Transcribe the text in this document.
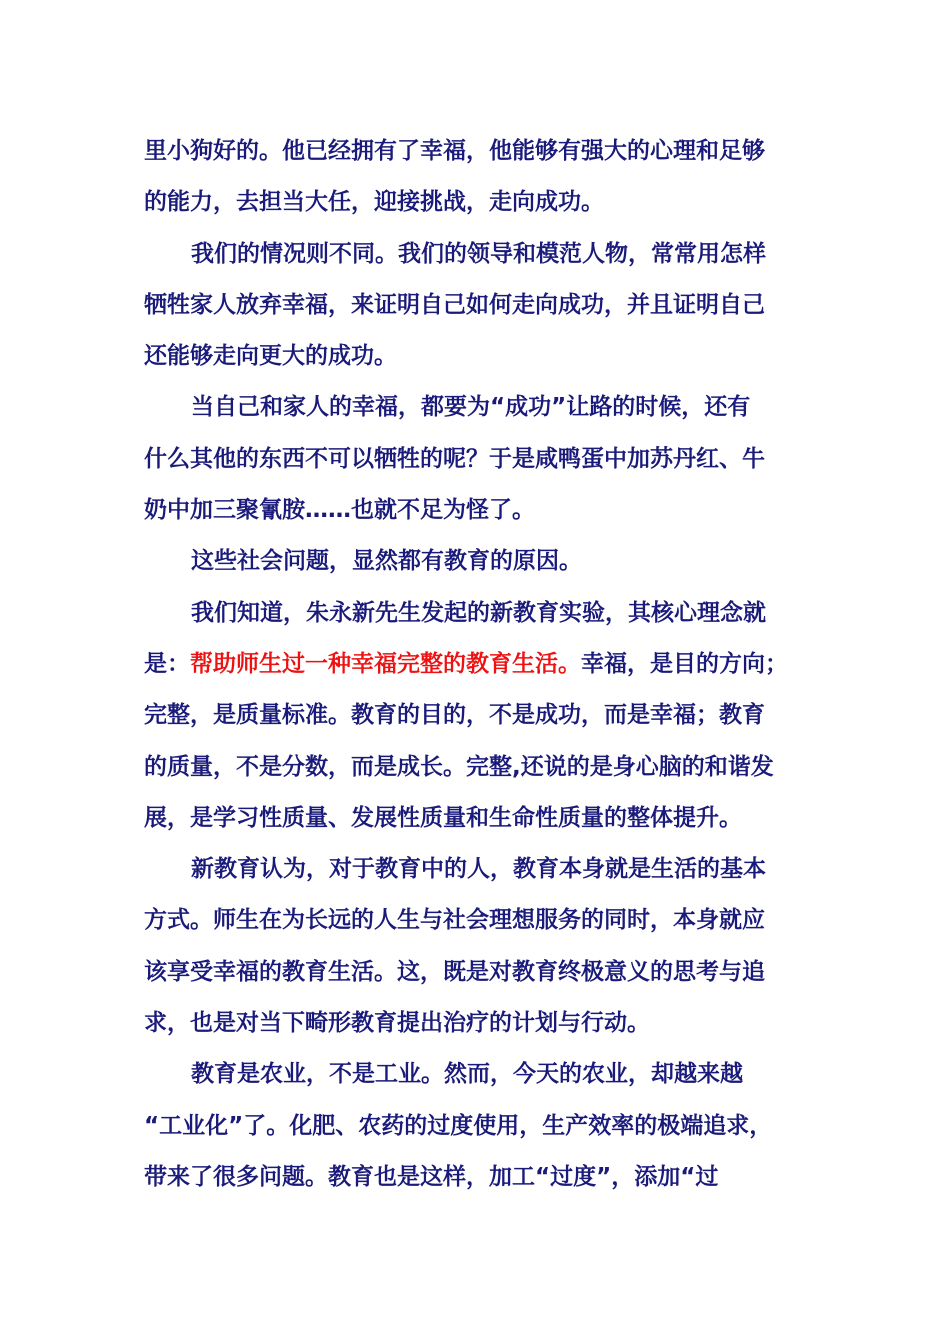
里小狗好的。他已经拥有了幸福，他能够有强大的心理和足够
的能力，去担当大任，迎接挑战，走向成功。
我们的情况则不同。我们的领导和模范人物，常常用怎样
牺牲家人放弃幸福，来证明自己如何走向成功，并且证明自己
还能够走向更大的成功。
当自己和家人的幸福，都要为“成功”让路的时候，还有
什么其他的东西不可以牺牲的呢？于是咸鸭蛋中加苏丹红、牛
奶中加三聚氰胺……也就不足为怪了。
这些社会问题，显然都有教育的原因。
我们知道，朱永新先生发起的新教育实验，其核心理念就
是：帮助师生过一种幸福完整的教育生活。幸福，是目的方向；
完整，是质量标准。教育的目的，不是成功，而是幸福；教育
的质量，不是分数，而是成长。完整,还说的是身心脑的和谐发
展，是学习性质量、发展性质量和生命性质量的整体提升。
新教育认为，对于教育中的人，教育本身就是生活的基本
方式。师生在为长远的人生与社会理想服务的同时，本身就应
该享受幸福的教育生活。这，既是对教育终极意义的思考与追
求，也是对当下畸形教育提出治疗的计划与行动。
教育是农业，不是工业。然而，今天的农业，却越来越
“工业化”了。化肥、农药的过度使用，生产效率的极端追求，
带来了很多问题。教育也是这样，加工“过度”，添加“过
